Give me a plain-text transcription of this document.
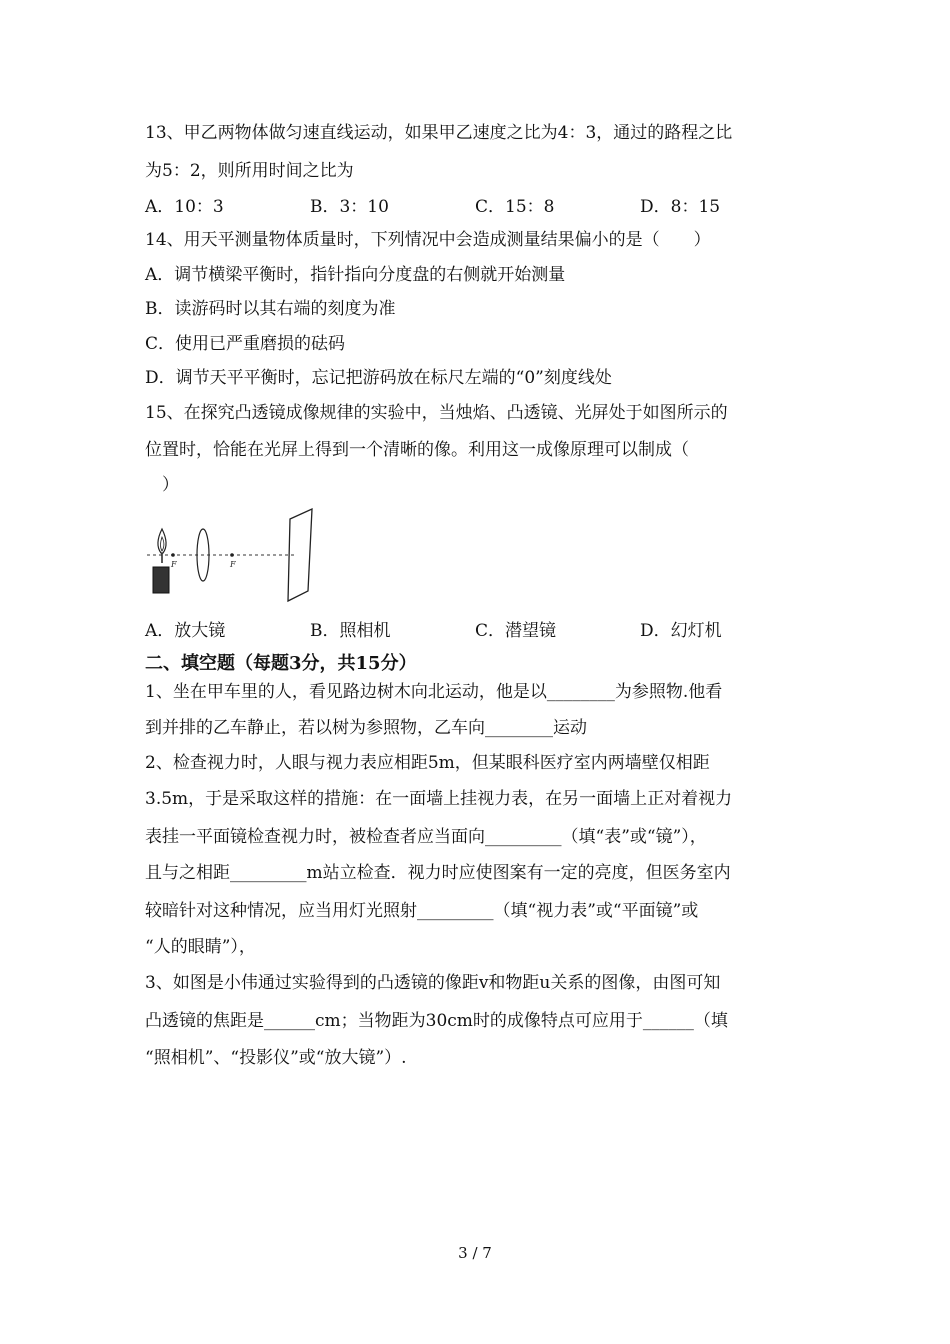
13、甲乙两物体做匀速直线运动，如果甲乙速度之比为4：3，通过的路程之比
为5：2，则所用时间之比为
A．10：3	B．3：10	C．15：8	D．8：15
14、用天平测量物体质量时，下列情况中会造成测量结果偏小的是（　　）
A．调节横梁平衡时，指针指向分度盘的右侧就开始测量
B．读游码时以其右端的刻度为准
C．使用已严重磨损的砝码
D．调节天平平衡时，忘记把游码放在标尺左端的“0”刻度线处
15、在探究凸透镜成像规律的实验中，当烛焰、凸透镜、光屏处于如图所示的
位置时，恰能在光屏上得到一个清晰的像。利用这一成像原理可以制成（
）
F	F
A．放大镜	B．照相机	C．潜望镜	D．幻灯机
二、填空题（每题3分，共15分）
1、坐在甲车里的人，看见路边树木向北运动，他是以________为参照物.他看
到并排的乙车静止，若以树为参照物，乙车向________运动
2、检查视力时，人眼与视力表应相距5m，但某眼科医疗室内两墙壁仅相距
3.5m，于是采取这样的措施：在一面墙上挂视力表，在另一面墙上正对着视力
表挂一平面镜检查视力时，被检查者应当面向_________（填“表”或“镜”），
且与之相距_________m站立检查．视力时应使图案有一定的亮度，但医务室内
较暗针对这种情况，应当用灯光照射_________（填“视力表”或“平面镜”或
“人的眼睛”），
3、如图是小伟通过实验得到的凸透镜的像距v和物距u关系的图像，由图可知
凸透镜的焦距是______cm；当物距为30cm时的成像特点可应用于______（填
“照相机”、“投影仪”或“放大镜”）.
3 / 7
